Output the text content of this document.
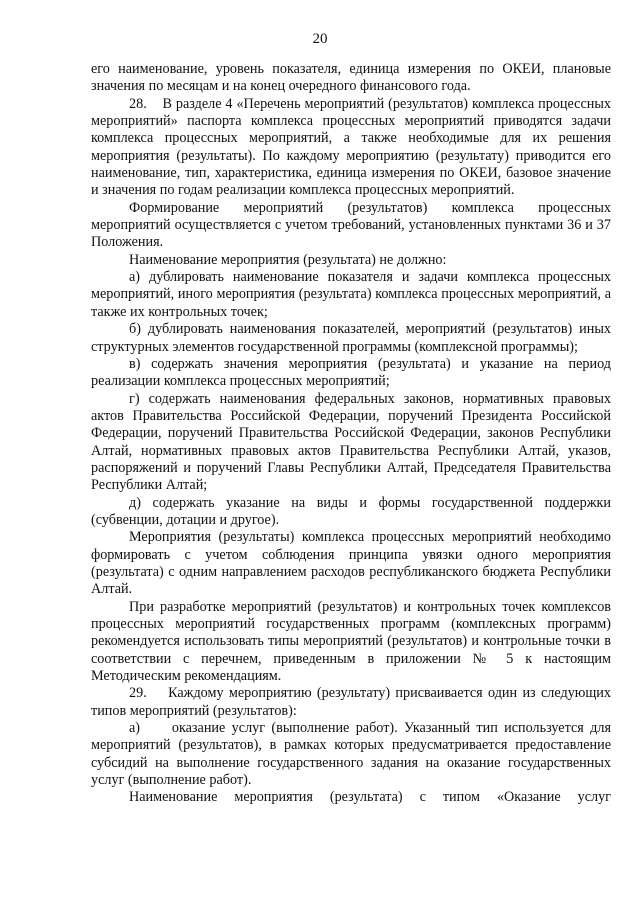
20

его наименование, уровень показателя, единица измерения по ОКЕИ, плановые значения по месяцам и на конец очередного финансового года.

28.    В разделе 4 «Перечень мероприятий (результатов) комплекса процессных мероприятий» паспорта комплекса процессных мероприятий приводятся задачи комплекса процессных мероприятий, а также необходимые для их решения мероприятия (результаты). По каждому мероприятию (результату) приводится его наименование, тип, характеристика, единица измерения по ОКЕИ, базовое значение и значения по годам реализации комплекса процессных мероприятий.

Формирование мероприятий (результатов) комплекса процессных мероприятий осуществляется с учетом требований, установленных пунктами 36 и 37 Положения.

Наименование мероприятия (результата) не должно:

а) дублировать наименование показателя и задачи комплекса процессных мероприятий, иного мероприятия (результата) комплекса процессных мероприятий, а также их контрольных точек;

б) дублировать наименования показателей, мероприятий (результатов) иных структурных элементов государственной программы (комплексной программы);

в) содержать значения мероприятия (результата) и указание на период реализации комплекса процессных мероприятий;

г) содержать наименования федеральных законов, нормативных правовых актов Правительства Российской Федерации, поручений Президента Российской Федерации, поручений Правительства Российской Федерации, законов Республики Алтай, нормативных правовых актов Правительства Республики Алтай, указов, распоряжений и поручений Главы Республики Алтай, Председателя Правительства Республики Алтай;

д) содержать указание на виды и формы государственной поддержки (субвенции, дотации и другое).

Мероприятия (результаты) комплекса процессных мероприятий необходимо формировать с учетом соблюдения принципа увязки одного мероприятия (результата) с одним направлением расходов республиканского бюджета Республики Алтай.

При разработке мероприятий (результатов) и контрольных точек комплексов процессных мероприятий государственных программ (комплексных программ) рекомендуется использовать типы мероприятий (результатов) и контрольные точки в соответствии с перечнем, приведенным в приложении № 5 к настоящим Методическим рекомендациям.

29.    Каждому мероприятию (результату) присваивается один из следующих типов мероприятий (результатов):

а)     оказание услуг (выполнение работ). Указанный тип используется для мероприятий (результатов), в рамках которых предусматривается предоставление субсидий на выполнение государственного задания на оказание государственных услуг (выполнение работ).

Наименование мероприятия (результата) с типом «Оказание услуг
